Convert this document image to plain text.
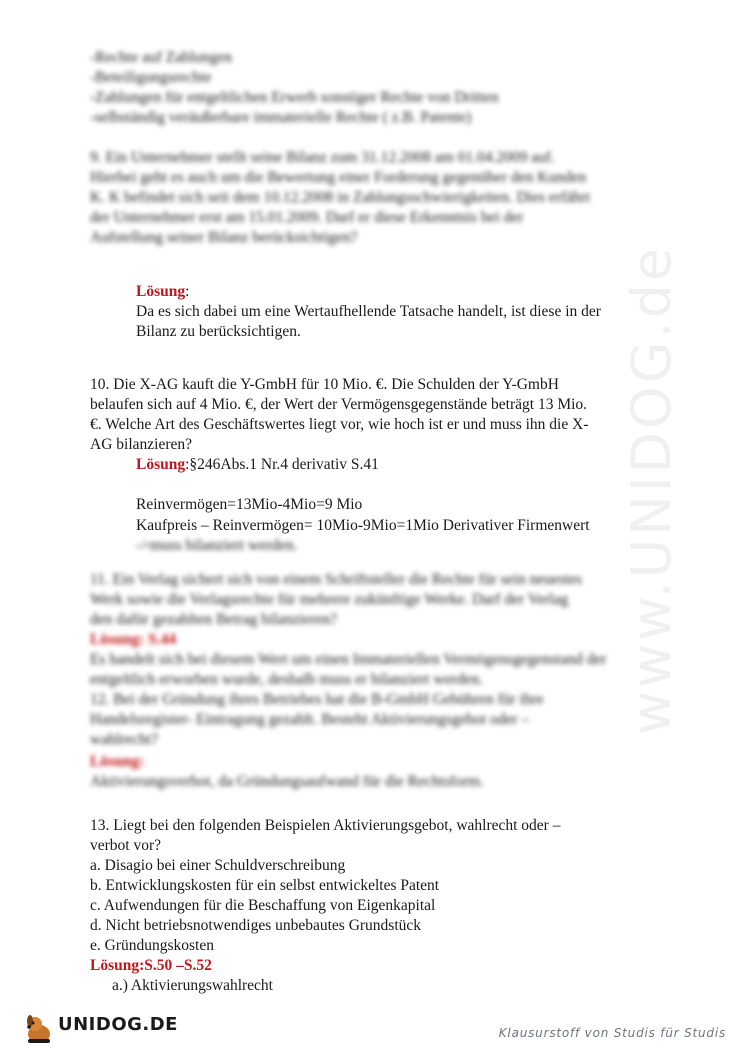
www.UNIDOG.de
-Rechte auf Zahlungen
-Beteiligungsrechte
-Zahlungen für entgeltlichen Erwerb sonstiger Rechte von Dritten
-selbständig veräußerbare immaterielle Rechte ( z.B. Patente)
9. Ein Unternehmer stellt seine Bilanz zum 31.12.2008 am 01.04.2009 auf.
Hierbei geht es auch um die Bewertung einer Forderung gegenüber den Kunden
K. K befindet sich seit dem 10.12.2008 in Zahlungsschwierigkeiten. Dies erfährt
der Unternehmer erst am 15.01.2009. Darf er diese Erkenntnis bei der
Aufstellung seiner Bilanz berücksichtigen?
Lösung:
Da es sich dabei um eine Wertaufhellende Tatsache handelt, ist diese in der
Bilanz zu berücksichtigen.
10. Die X-AG kauft die Y-GmbH für 10 Mio. €. Die Schulden der Y-GmbH
belaufen sich auf 4 Mio. €, der Wert der Vermögensgegenstände beträgt 13 Mio.
€. Welche Art des Geschäftswertes liegt vor, wie hoch ist er und muss ihn die X-
AG bilanzieren?
Lösung:§246Abs.1 Nr.4 derivativ S.41
Reinvermögen=13Mio-4Mio=9 Mio
Kaufpreis – Reinvermögen= 10Mio-9Mio=1Mio Derivativer Firmenwert
->muss bilanziert werden.
11. Ein Verlag sichert sich von einem Schriftsteller die Rechte für sein neuestes
Werk sowie die Verlagsrechte für mehrere zukünftige Werke. Darf der Verlag
den dafür gezahlten Betrag bilanzieren?
Lösung: S.44
Es handelt sich bei diesem Wert um einen Immateriellen Vermögensgegenstand der
entgeltlich erworben wurde, deshalb muss er bilanziert werden.
12. Bei der Gründung ihres Betriebes hat die B-GmbH Gebühren für ihre
Handelsregister- Eintragung gezahlt. Besteht Aktivierungsgebot oder –
wahlrecht?
Lösung:
Aktivierungsverbot, da Gründungsaufwand für die Rechtsform.
13. Liegt bei den folgenden Beispielen Aktivierungsgebot, wahlrecht oder –
verbot vor?
a. Disagio bei einer Schuldverschreibung
b. Entwicklungskosten für ein selbst entwickeltes Patent
c. Aufwendungen für die Beschaffung von Eigenkapital
d. Nicht betriebsnotwendiges unbebautes Grundstück
e. Gründungskosten
Lösung:S.50 –S.52
a.) Aktivierungswahlrecht
UNIDOG.DE	Klausurstoff von Studis für Studis
